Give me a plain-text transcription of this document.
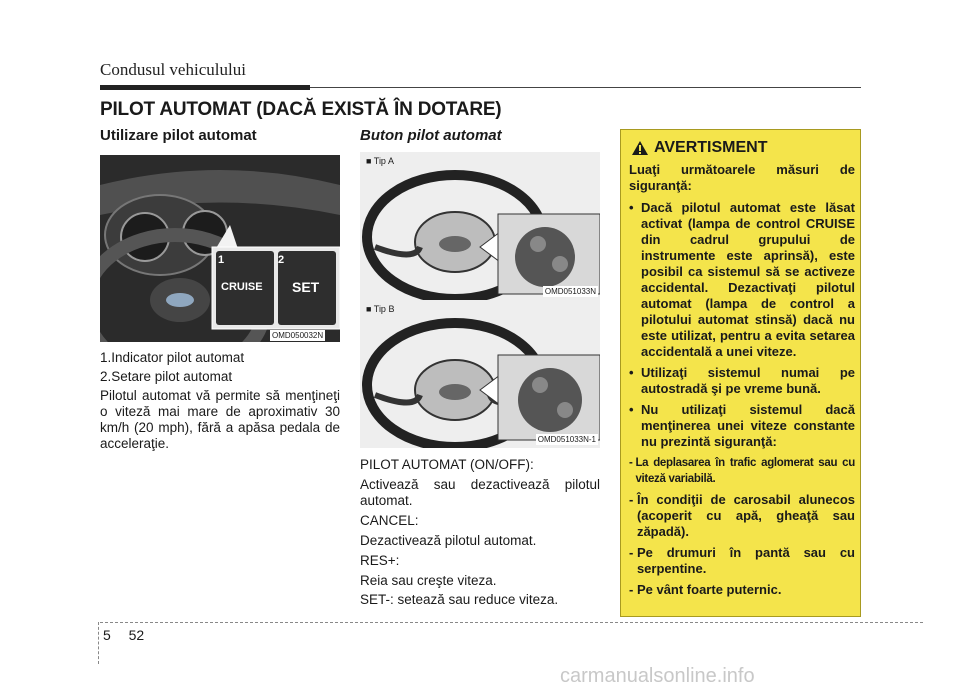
Condusul vehiculului
PILOT AUTOMAT (DACĂ EXISTĂ ÎN DOTARE)
Utilizare pilot automat
1	2
CRUISE SET
OMD050032N
1.Indicator pilot automat
2.Setare pilot automat
Pilotul automat vă permite să menţineţi o viteză mai mare de aproximativ 30 km/h (20 mph), fără a apăsa pedala de acceleraţie.
Buton pilot automat
■ Tip A
OMD051033N
■ Tip B
OMD051033N-1
PILOT AUTOMAT (ON/OFF):
Activează sau dezactivează pilotul automat.
CANCEL:
Dezactivează pilotul automat.
RES+:
Reia sau creşte viteza.
SET-: setează sau reduce viteza.
AVERTISMENT

Luaţi următoarele măsuri de siguranţă:

• Dacă pilotul automat este lăsat activat (lampa de control CRUISE din cadrul grupului de instrumente este aprinsă), este posibil ca sistemul să se activeze accidental. Dezactivaţi pilotul automat (lampa de control a pilotului automat stinsă) dacă nu este utilizat, pentru a evita setarea accidentală a unei viteze.
• Utilizaţi sistemul numai pe autostradă şi pe vreme bună.
• Nu utilizaţi sistemul dacă menţinerea unei viteze constante nu prezintă siguranţă:
- La deplasarea în trafic aglomerat sau cu viteză variabilă.
- În condiţii de carosabil alunecos (acoperit cu apă, gheaţă sau zăpadă).
- Pe drumuri în pantă sau cu serpentine.
- Pe vânt foarte puternic.
5 52
carmanualsonline.info
